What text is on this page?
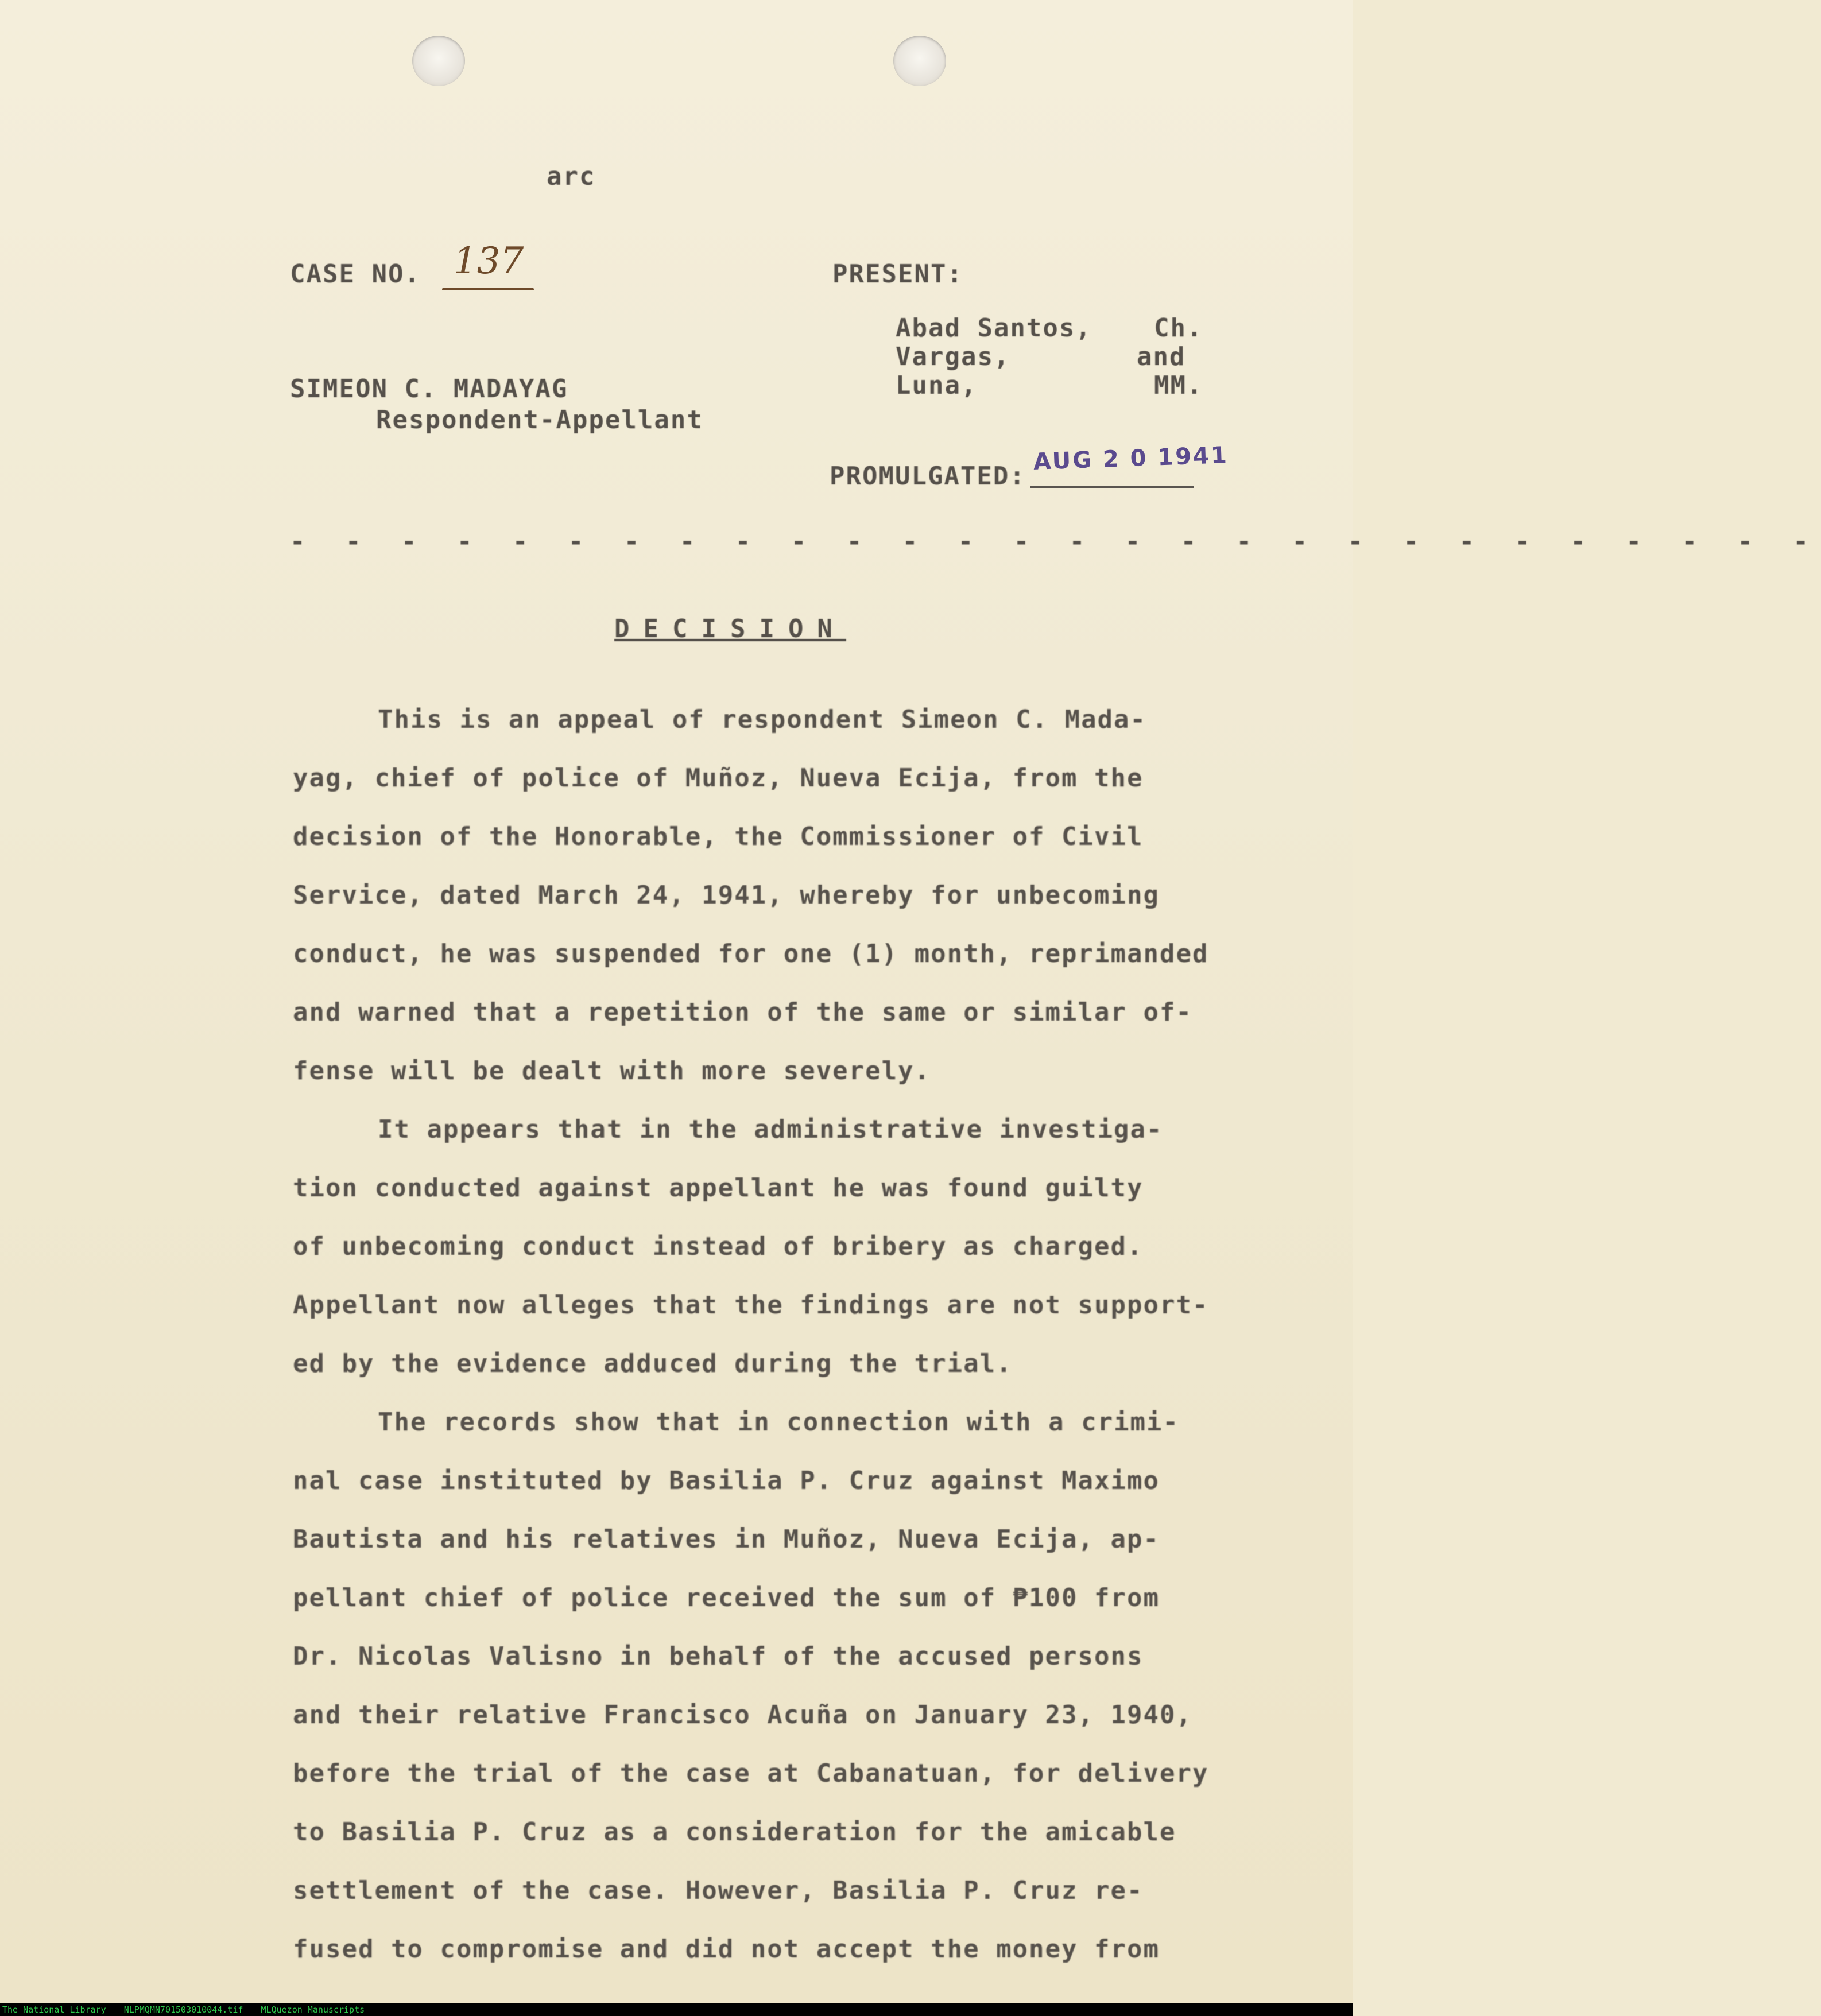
arc
CASE NO. 137	PRESENT:
Abad Santos, Ch.
Vargas,	and
Luna,	MM.
SIMEON C. MADAYAG
Respondent-Appellant
PROMULGATED:
AUG 2 0 1941
- - - - - - - - - - - - - - - - - - - - - - - - - - - -
DECISION
This is an appeal of respondent Simeon C. Mada-
yag, chief of police of Muñoz, Nueva Ecija, from the
decision of the Honorable, the Commissioner of Civil
Service, dated March 24, 1941, whereby for unbecoming
conduct, he was suspended for one (1) month, reprimanded
and warned that a repetition of the same or similar of-
fense will be dealt with more severely.
It appears that in the administrative investiga-
tion conducted against appellant he was found guilty
of unbecoming conduct instead of bribery as charged.
Appellant now alleges that the findings are not support-
ed by the evidence adduced during the trial.
The records show that in connection with a crimi-
nal case instituted by Basilia P. Cruz against Maximo
Bautista and his relatives in Muñoz, Nueva Ecija, ap-
pellant chief of police received the sum of ₱100 from
Dr. Nicolas Valisno in behalf of the accused persons
and their relative Francisco Acuña on January 23, 1940,
before the trial of the case at Cabanatuan, for delivery
to Basilia P. Cruz as a consideration for the amicable
settlement of the case. However, Basilia P. Cruz re-
fused to compromise and did not accept the money from
The National Library NLPMQMN701503010044.tif MLQuezon Manuscripts
